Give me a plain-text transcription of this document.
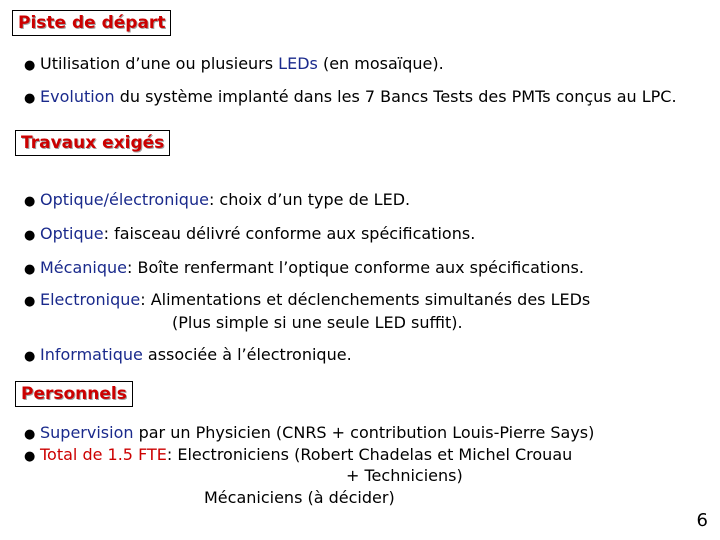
Piste de départ
● Utilisation d’une ou plusieurs LEDs (en mosaïque).
● Evolution du système implanté dans les 7 Bancs Tests des PMTs conçus au LPC.
Travaux exigés
● Optique/électronique: choix d’un type de LED.
● Optique: faisceau délivré conforme aux spécifications.
● Mécanique: Boîte renfermant l’optique conforme aux spécifications.
● Electronique: Alimentations et déclenchements simultanés des LEDs
(Plus simple si une seule LED suffit).
● Informatique associée à l’électronique.
Personnels
● Supervision par un Physicien (CNRS + contribution Louis-Pierre Says)
● Total de 1.5 FTE: Electroniciens (Robert Chadelas et Michel Crouau
+ Techniciens)
Mécaniciens (à décider)
6
